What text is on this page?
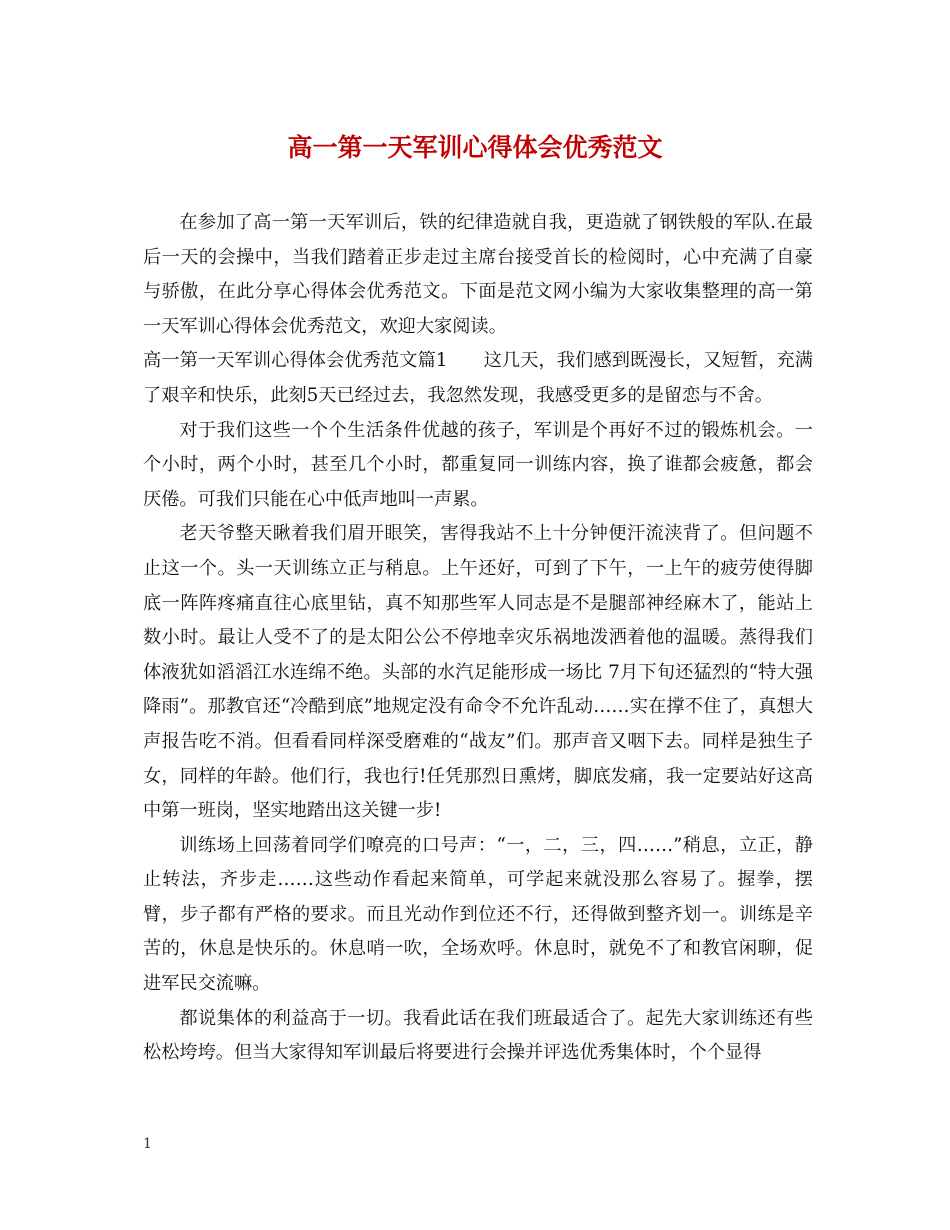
高一第一天军训心得体会优秀范文

在参加了高一第一天军训后，铁的纪律造就自我，更造就了钢铁般的军队.在最后一天的会操中，当我们踏着正步走过主席台接受首长的检阅时，心中充满了自豪与骄傲，在此分享心得体会优秀范文。下面是范文网小编为大家收集整理的高一第一天军训心得体会优秀范文，欢迎大家阅读。

高一第一天军训心得体会优秀范文篇1 这几天，我们感到既漫长，又短暂，充满了艰辛和快乐，此刻5天已经过去，我忽然发现，我感受更多的是留恋与不舍。

对于我们这些一个个生活条件优越的孩子，军训是个再好不过的锻炼机会。一个小时，两个小时，甚至几个小时，都重复同一训练内容，换了谁都会疲惫，都会厌倦。可我们只能在心中低声地叫一声累。

老天爷整天瞅着我们眉开眼笑，害得我站不上十分钟便汗流浃背了。但问题不止这一个。头一天训练立正与稍息。上午还好，可到了下午，一上午的疲劳使得脚底一阵阵疼痛直往心底里钻，真不知那些军人同志是不是腿部神经麻木了，能站上数小时。最让人受不了的是太阳公公不停地幸灾乐祸地泼洒着他的温暖。蒸得我们体液犹如滔滔江水连绵不绝。头部的水汽足能形成一场比 7月下旬还猛烈的“特大强降雨”。那教官还“冷酷到底”地规定没有命令不允许乱动……实在撑不住了，真想大声报告吃不消。但看看同样深受磨难的“战友”们。那声音又咽下去。同样是独生子女，同样的年龄。他们行，我也行!任凭那烈日熏烤，脚底发痛，我一定要站好这高中第一班岗，坚实地踏出这关键一步!

训练场上回荡着同学们嘹亮的口号声：“一，二，三，四……”稍息，立正，静止转法，齐步走……这些动作看起来简单，可学起来就没那么容易了。握拳，摆臂，步子都有严格的要求。而且光动作到位还不行，还得做到整齐划一。训练是辛苦的，休息是快乐的。休息哨一吹，全场欢呼。休息时，就免不了和教官闲聊，促进军民交流嘛。

都说集体的利益高于一切。我看此话在我们班最适合了。起先大家训练还有些松松垮垮。但当大家得知军训最后将要进行会操并评选优秀集体时，个个显得

1
